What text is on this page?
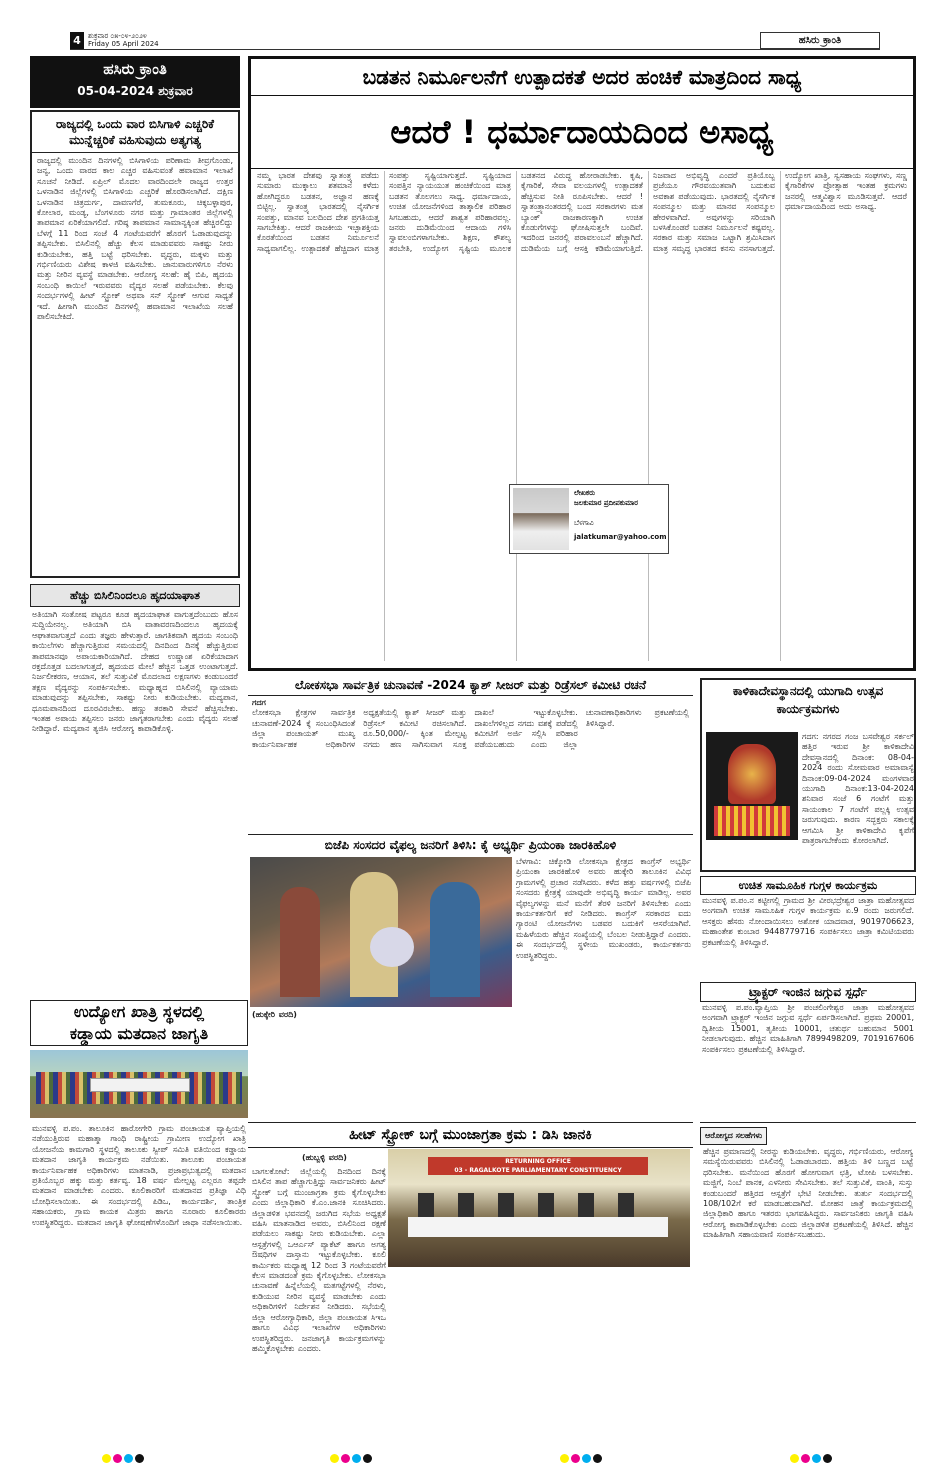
4	ಶುಕ್ರವಾರ ೦೫-೦೪-೨೦೨೪
Friday 05 April 2024	ಹಸಿರು ಕ್ರಾಂತಿ
ಹಸಿರು ಕ್ರಾಂತಿ
05-04-2024 ಶುಕ್ರವಾರ
ರಾಜ್ಯದಲ್ಲಿ ಒಂದು ವಾರ ಬಿಸಿಗಾಳಿ ಎಚ್ಚರಿಕೆ ಮುನ್ನೆಚ್ಚರಿಕೆ ವಹಿಸುವುದು ಅತ್ಯಗತ್ಯ
ರಾಜ್ಯದಲ್ಲಿ ಮುಂದಿನ ದಿನಗಳಲ್ಲಿ ಬಿಸಿಗಾಳಿಯ ಪರಿಣಾಮ ತೀವ್ರಗೊಂಡು, ಜನ್ಯ, ಒಂದು ವಾರದ ಕಾಲ ಎಚ್ಚರ ವಹಿಸುವಂತೆ ಹವಾಮಾನ ಇಲಾಖೆ ಸೂಚನೆ ನೀಡಿದೆ. ಏಪ್ರಿಲ್ ಮೊದಲ ವಾರದಿಂದಲೇ ರಾಜ್ಯದ ಉತ್ತರ ಒಳನಾಡಿನ ಜಿಲ್ಲೆಗಳಲ್ಲಿ ಬಿಸಿಗಾಳಿಯ ಎಚ್ಚರಿಕೆ ಹೊರಡಿಸಲಾಗಿದೆ. ದಕ್ಷಿಣ ಒಳನಾಡಿನ ಚಿತ್ರದುರ್ಗ, ದಾವಣಗೆರೆ, ತುಮಕೂರು, ಚಿಕ್ಕಬಳ್ಳಾಪುರ, ಕೋಲಾರ, ಮಂಡ್ಯ, ಬೆಂಗಳೂರು ನಗರ ಮತ್ತು ಗ್ರಾಮಾಂತರ ಜಿಲ್ಲೆಗಳಲ್ಲಿ ತಾಪಮಾನ ಏರಿಕೆಯಾಗಲಿದೆ. ಗರಿಷ್ಠ ತಾಪಮಾನ ಸಾಮಾನ್ಯಕ್ಕಿಂತ ಹೆಚ್ಚಿರಲಿದ್ದು ಬೆಳಗ್ಗೆ 11 ರಿಂದ ಸಂಜೆ 4 ಗಂಟೆಯವರೆಗೆ ಹೊರಗೆ ಓಡಾಡುವುದನ್ನು ತಪ್ಪಿಸಬೇಕು. ಬಿಸಿಲಿನಲ್ಲಿ ಹೆಚ್ಚು ಕೆಲಸ ಮಾಡುವವರು ಸಾಕಷ್ಟು ನೀರು ಕುಡಿಯಬೇಕು, ಹತ್ತಿ ಬಟ್ಟೆ ಧರಿಸಬೇಕು. ವೃದ್ಧರು, ಮಕ್ಕಳು ಮತ್ತು ಗರ್ಭಿಣಿಯರು ವಿಶೇಷ ಕಾಳಜಿ ವಹಿಸಬೇಕು. ಜಾನುವಾರುಗಳಿಗೂ ನೆರಳು ಮತ್ತು ನೀರಿನ ವ್ಯವಸ್ಥೆ ಮಾಡಬೇಕು. ಆರೋಗ್ಯ ಸಲಹೆ: ಹೈ ಬಿಪಿ, ಹೃದಯ ಸಂಬಂಧಿ ಕಾಯಿಲೆ ಇರುವವರು ವೈದ್ಯರ ಸಲಹೆ ಪಡೆಯಬೇಕು. ಕೆಲವು ಸಂದರ್ಭಗಳಲ್ಲಿ ಹೀಟ್ ಸ್ಟ್ರೋಕ್ ಅಥವಾ ಸನ್ ಸ್ಟ್ರೋಕ್ ಆಗುವ ಸಾಧ್ಯತೆ ಇದೆ. ಹೀಗಾಗಿ ಮುಂದಿನ ದಿನಗಳಲ್ಲಿ ಹವಾಮಾನ ಇಲಾಖೆಯ ಸಲಹೆ ಪಾಲಿಸಬೇಕಿದೆ.
ಹೆಚ್ಚು ಬಿಸಿಲಿನಿಂದಲೂ ಹೃದಯಾಘಾತ
ಅತಿಯಾಗಿ ಸಂತೋಷ ಪಟ್ಟರೂ ಕೂಡ ಹೃದಯಾಘಾತ ವಾಗುತ್ತದೆಂಬುದು ಹೊಸ ಸುದ್ದಿಯೇನಲ್ಲ. ಅತಿಯಾಗಿ ಬಿಸಿ ವಾತಾವರಣದಿಂದಲೂ ಹೃದಯಕ್ಕೆ ಆಘಾತವಾಗುತ್ತದೆ ಎಂದು ತಜ್ಞರು ಹೇಳುತ್ತಾರೆ. ಜಾಗತಿಕವಾಗಿ ಹೃದಯ ಸಂಬಂಧಿ ಕಾಯಿಲೆಗಳು ಹೆಚ್ಚಾಗುತ್ತಿರುವ ಸಮಯದಲ್ಲಿ ದಿನದಿಂದ ದಿನಕ್ಕೆ ಹೆಚ್ಚುತ್ತಿರುವ ತಾಪಮಾನವೂ ಅಪಾಯಕಾರಿಯಾಗಿದೆ. ದೇಹದ ಉಷ್ಣಾಂಶ ಏರಿಕೆಯಾದಾಗ ರಕ್ತದೊತ್ತಡ ಬದಲಾಗುತ್ತದೆ, ಹೃದಯದ ಮೇಲೆ ಹೆಚ್ಚಿನ ಒತ್ತಡ ಉಂಟಾಗುತ್ತದೆ. ನಿರ್ಜಲೀಕರಣ, ಆಯಾಸ, ತಲೆ ಸುತ್ತುವಿಕೆ ಮೊದಲಾದ ಲಕ್ಷಣಗಳು ಕಂಡುಬಂದರೆ ತಕ್ಷಣ ವೈದ್ಯರನ್ನು ಸಂಪರ್ಕಿಸಬೇಕು. ಮಧ್ಯಾಹ್ನದ ಬಿಸಿಲಿನಲ್ಲಿ ವ್ಯಾಯಾಮ ಮಾಡುವುದನ್ನು ತಪ್ಪಿಸಬೇಕು, ಸಾಕಷ್ಟು ನೀರು ಕುಡಿಯಬೇಕು. ಮದ್ಯಪಾನ, ಧೂಮಪಾನದಿಂದ ದೂರವಿರಬೇಕು. ಹಣ್ಣು ತರಕಾರಿ ಸೇವನೆ ಹೆಚ್ಚಿಸಬೇಕು. ಇಂತಹ ಅಪಾಯ ತಪ್ಪಿಸಲು ಜನರು ಜಾಗೃತರಾಗಬೇಕು ಎಂದು ವೈದ್ಯರು ಸಲಹೆ ನೀಡಿದ್ದಾರೆ. ಮದ್ಯಪಾನ ತ್ಯಜಿಸಿ ಆರೋಗ್ಯ ಕಾಪಾಡಿಕೊಳ್ಳಿ.
ಉದ್ಯೋಗ ಖಾತ್ರಿ ಸ್ಥಳದಲ್ಲಿ
ಕಡ್ಡಾಯ ಮತದಾನ ಜಾಗೃತಿ
ಮುನವಳ್ಳಿ ಪ.ಪಂ. ತಾಲೂಕಿನ ಹಾರೋಗೇರಿ ಗ್ರಾಮ ಪಂಚಾಯತ ವ್ಯಾಪ್ತಿಯಲ್ಲಿ ನಡೆಯುತ್ತಿರುವ ಮಹಾತ್ಮಾ ಗಾಂಧಿ ರಾಷ್ಟ್ರೀಯ ಗ್ರಾಮೀಣ ಉದ್ಯೋಗ ಖಾತ್ರಿ ಯೋಜನೆಯ ಕಾಮಗಾರಿ ಸ್ಥಳದಲ್ಲಿ ತಾಲೂಕು ಸ್ವೀಪ್ ಸಮಿತಿ ವತಿಯಿಂದ ಕಡ್ಡಾಯ ಮತದಾನ ಜಾಗೃತಿ ಕಾರ್ಯಕ್ರಮ ನಡೆಯಿತು. ತಾಲೂಕು ಪಂಚಾಯತ ಕಾರ್ಯನಿರ್ವಾಹಕ ಅಧಿಕಾರಿಗಳು ಮಾತನಾಡಿ, ಪ್ರಜಾಪ್ರಭುತ್ವದಲ್ಲಿ ಮತದಾನ ಪ್ರತಿಯೊಬ್ಬರ ಹಕ್ಕು ಮತ್ತು ಕರ್ತವ್ಯ. 18 ವರ್ಷ ಮೇಲ್ಪಟ್ಟ ಎಲ್ಲರೂ ತಪ್ಪದೇ ಮತದಾನ ಮಾಡಬೇಕು ಎಂದರು. ಕೂಲಿಕಾರರಿಗೆ ಮತದಾನದ ಪ್ರತಿಜ್ಞಾ ವಿಧಿ ಬೋಧಿಸಲಾಯಿತು. ಈ ಸಂದರ್ಭದಲ್ಲಿ ಪಿಡಿಒ, ಕಾರ್ಯದರ್ಶಿ, ತಾಂತ್ರಿಕ ಸಹಾಯಕರು, ಗ್ರಾಮ ಕಾಯಕ ಮಿತ್ರರು ಹಾಗೂ ನೂರಾರು ಕೂಲಿಕಾರರು ಉಪಸ್ಥಿತರಿದ್ದರು. ಮತದಾನ ಜಾಗೃತಿ ಘೋಷಣೆಗಳೊಂದಿಗೆ ಜಾಥಾ ನಡೆಸಲಾಯಿತು.
ಬಡತನ ನಿರ್ಮೂಲನೆಗೆ ಉತ್ಪಾದಕತೆ ಅದರ ಹಂಚಿಕೆ ಮಾತ್ರದಿಂದ ಸಾಧ್ಯ
ಆದರೆ ! ಧರ್ಮಾದಾಯದಿಂದ ಅಸಾಧ್ಯ
ನಮ್ಮ ಭಾರತ ದೇಶವು ಸ್ವಾತಂತ್ರ್ಯ ಪಡೆದು ಸುಮಾರು ಮುಕ್ಕಾಲು ಶತಮಾನ ಕಳೆದು ಹೋಗಿದ್ದರೂ ಬಡತನ, ಅಜ್ಞಾನ ಹಣಕ್ಕೆ ಬಿಟ್ಟಿಲ್ಲ. ಸ್ವಾತಂತ್ರ್ಯ ಭಾರತದಲ್ಲಿ ನೈಸರ್ಗಿಕ ಸಂಪತ್ತು, ಮಾನವ ಬಲದಿಂದ ದೇಶ ಪ್ರಗತಿಯತ್ತ ಸಾಗಬೇಕಿತ್ತು. ಆದರೆ ರಾಜಕೀಯ ಇಚ್ಛಾಶಕ್ತಿಯ ಕೊರತೆಯಿಂದ ಬಡತನ ನಿರ್ಮೂಲನೆ ಸಾಧ್ಯವಾಗಲಿಲ್ಲ. ಉತ್ಪಾದಕತೆ ಹೆಚ್ಚಿದಾಗ ಮಾತ್ರ ಸಂಪತ್ತು ಸೃಷ್ಟಿಯಾಗುತ್ತದೆ. ಸೃಷ್ಟಿಯಾದ ಸಂಪತ್ತಿನ ನ್ಯಾಯಯುತ ಹಂಚಿಕೆಯಿಂದ ಮಾತ್ರ ಬಡತನ ತೊಲಗಲು ಸಾಧ್ಯ. ಧರ್ಮಾದಾಯ, ಉಚಿತ ಯೋಜನೆಗಳಿಂದ ತಾತ್ಕಾಲಿಕ ಪರಿಹಾರ ಸಿಗಬಹುದು, ಆದರೆ ಶಾಶ್ವತ ಪರಿಹಾರವಲ್ಲ. ಜನರು ದುಡಿಮೆಯಿಂದ ಆದಾಯ ಗಳಿಸಿ ಸ್ವಾವಲಂಬಿಗಳಾಗಬೇಕು. ಶಿಕ್ಷಣ, ಕೌಶಲ್ಯ ತರಬೇತಿ, ಉದ್ಯೋಗ ಸೃಷ್ಟಿಯ ಮೂಲಕ ಬಡತನದ ವಿರುದ್ಧ ಹೋರಾಡಬೇಕು. ಕೃಷಿ, ಕೈಗಾರಿಕೆ, ಸೇವಾ ವಲಯಗಳಲ್ಲಿ ಉತ್ಪಾದಕತೆ ಹೆಚ್ಚಿಸುವ ನೀತಿ ರೂಪಿಸಬೇಕು. ಆದರೆ ! ಸ್ವಾತಂತ್ರ್ಯಾನಂತರದಲ್ಲಿ ಬಂದ ಸರಕಾರಗಳು ಮತ ಬ್ಯಾಂಕ್ ರಾಜಕಾರಣಕ್ಕಾಗಿ ಉಚಿತ ಕೊಡುಗೆಗಳನ್ನು ಘೋಷಿಸುತ್ತಲೇ ಬಂದಿವೆ. ಇದರಿಂದ ಜನರಲ್ಲಿ ಪರಾವಲಂಬನೆ ಹೆಚ್ಚಾಗಿದೆ. ದುಡಿಮೆಯ ಬಗ್ಗೆ ಆಸಕ್ತಿ ಕಡಿಮೆಯಾಗುತ್ತಿದೆ. ನಿಜವಾದ ಅಭಿವೃದ್ಧಿ ಎಂದರೆ ಪ್ರತಿಯೊಬ್ಬ ಪ್ರಜೆಯೂ ಗೌರವಯುತವಾಗಿ ಬದುಕುವ ಅವಕಾಶ ಪಡೆಯುವುದು. ಭಾರತದಲ್ಲಿ ನೈಸರ್ಗಿಕ ಸಂಪನ್ಮೂಲ ಮತ್ತು ಮಾನವ ಸಂಪನ್ಮೂಲ ಹೇರಳವಾಗಿದೆ. ಅವುಗಳನ್ನು ಸರಿಯಾಗಿ ಬಳಸಿಕೊಂಡರೆ ಬಡತನ ನಿರ್ಮೂಲನೆ ಕಷ್ಟವಲ್ಲ. ಸರಕಾರ ಮತ್ತು ಸಮಾಜ ಒಟ್ಟಾಗಿ ಶ್ರಮಿಸಿದಾಗ ಮಾತ್ರ ಸಮೃದ್ಧ ಭಾರತದ ಕನಸು ನನಸಾಗುತ್ತದೆ. ಉದ್ಯೋಗ ಖಾತ್ರಿ, ಸ್ವಸಹಾಯ ಸಂಘಗಳು, ಸಣ್ಣ ಕೈಗಾರಿಕೆಗಳ ಪ್ರೋತ್ಸಾಹ ಇಂತಹ ಕ್ರಮಗಳು ಜನರಲ್ಲಿ ಆತ್ಮವಿಶ್ವಾಸ ಮೂಡಿಸುತ್ತವೆ. ಆದರೆ ಧರ್ಮಾದಾಯದಿಂದ ಅದು ಅಸಾಧ್ಯ.
ಲೇಖಕರು
ಜಲಕುಮಾರ ಪ್ರದೀಪಕುಮಾರ
ಬೆಳಗಾವಿ
jalatkumar@yahoo.com
ಲೋಕಸಭಾ ಸಾರ್ವತ್ರಿಕ ಚುನಾವಣೆ -2024 ಕ್ಯಾಶ್ ಸೀಜರ್ ಮತ್ತು ರಿಡ್ರೆಸಲ್ ಕಮೀಟಿ ರಚನೆ
ಗದಗ
ಲೋಕಸಭಾ ಕ್ಷೇತ್ರಗಳ ಸಾರ್ವತ್ರಿಕ ಚುನಾವಣೆ-2024 ಕ್ಕೆ ಸಂಬಂಧಿಸಿದಂತೆ ಜಿಲ್ಲಾ ಪಂಚಾಯತ್ ಮುಖ್ಯ ಕಾರ್ಯನಿರ್ವಾಹಕ ಅಧಿಕಾರಿಗಳ ಅಧ್ಯಕ್ಷತೆಯಲ್ಲಿ ಕ್ಯಾಶ್ ಸೀಜರ್ ಮತ್ತು ರಿಡ್ರೆಸಲ್ ಕಮೀಟಿ ರಚಿಸಲಾಗಿದೆ. ರೂ.50,000/- ಕ್ಕಿಂತ ಮೇಲ್ಪಟ್ಟ ನಗದು ಹಣ ಸಾಗಿಸುವಾಗ ಸೂಕ್ತ ದಾಖಲೆ ಇಟ್ಟುಕೊಳ್ಳಬೇಕು. ದಾಖಲೆಗಳಿಲ್ಲದ ನಗದು ವಶಕ್ಕೆ ಪಡೆದಲ್ಲಿ ಕಮೀಟಿಗೆ ಅರ್ಜಿ ಸಲ್ಲಿಸಿ ಪರಿಹಾರ ಪಡೆಯಬಹುದು ಎಂದು ಜಿಲ್ಲಾ ಚುನಾವಣಾಧಿಕಾರಿಗಳು ಪ್ರಕಟಣೆಯಲ್ಲಿ ತಿಳಿಸಿದ್ದಾರೆ.
ಬಿಜೆಪಿ ಸಂಸದರ ವೈಫಲ್ಯ ಜನರಿಗೆ ತಿಳಿಸಿ: ಕೈ ಅಭ್ಯರ್ಥಿ ಪ್ರಿಯಂಕಾ ಜಾರಕಿಹೊಳಿ
(ಹುಕ್ಕೇರಿ ವರದಿ)
ಬೆಳಗಾವಿ: ಚಿಕ್ಕೋಡಿ ಲೋಕಸಭಾ ಕ್ಷೇತ್ರದ ಕಾಂಗ್ರೆಸ್ ಅಭ್ಯರ್ಥಿ ಪ್ರಿಯಂಕಾ ಜಾರಕಿಹೊಳಿ ಅವರು ಹುಕ್ಕೇರಿ ತಾಲೂಕಿನ ವಿವಿಧ ಗ್ರಾಮಗಳಲ್ಲಿ ಪ್ರಚಾರ ನಡೆಸಿದರು. ಕಳೆದ ಹತ್ತು ವರ್ಷಗಳಲ್ಲಿ ಬಿಜೆಪಿ ಸಂಸದರು ಕ್ಷೇತ್ರಕ್ಕೆ ಯಾವುದೇ ಅಭಿವೃದ್ಧಿ ಕಾರ್ಯ ಮಾಡಿಲ್ಲ. ಅವರ ವೈಫಲ್ಯಗಳನ್ನು ಮನೆ ಮನೆಗೆ ತೆರಳಿ ಜನರಿಗೆ ತಿಳಿಸಬೇಕು ಎಂದು ಕಾರ್ಯಕರ್ತರಿಗೆ ಕರೆ ನೀಡಿದರು. ಕಾಂಗ್ರೆಸ್ ಸರಕಾರದ ಐದು ಗ್ಯಾರಂಟಿ ಯೋಜನೆಗಳು ಬಡವರ ಬದುಕಿಗೆ ಆಸರೆಯಾಗಿವೆ. ಮಹಿಳೆಯರು ಹೆಚ್ಚಿನ ಸಂಖ್ಯೆಯಲ್ಲಿ ಬೆಂಬಲ ನೀಡುತ್ತಿದ್ದಾರೆ ಎಂದರು. ಈ ಸಂದರ್ಭದಲ್ಲಿ ಸ್ಥಳೀಯ ಮುಖಂಡರು, ಕಾರ್ಯಕರ್ತರು ಉಪಸ್ಥಿತರಿದ್ದರು.
ಕಾಳಿಕಾದೇವಸ್ಥಾನದಲ್ಲಿ ಯುಗಾದಿ ಉತ್ಸವ ಕಾರ್ಯಕ್ರಮಗಳು
ಗದಗ: ನಗರದ ಗಂಜ ಬಸವೇಶ್ವರ ಸರ್ಕಲ್ ಹತ್ತಿರ ಇರುವ ಶ್ರೀ ಕಾಳಿಕಾದೇವಿ ದೇವಸ್ಥಾನದಲ್ಲಿ ದಿನಾಂಕ: 08-04-2024 ರಂದು ಸೋಮವಾರ ಅಮಾವಾಸ್ಯೆ ದಿನಾಂಕ:09-04-2024 ಮಂಗಳವಾರ ಯುಗಾದಿ ದಿನಾಂಕ:13-04-2024 ಶನಿವಾರ ಸಂಜೆ 6 ಗಂಟೆಗೆ ಮತ್ತು ಸಾಯಂಕಾಲ 7 ಗಂಟೆಗೆ ಪಲ್ಲಕ್ಕಿ ಉತ್ಸವ ಜರುಗುವುದು. ಕಾರಣ ಸದ್ಭಕ್ತರು ಸಕಾಲಕ್ಕೆ ಆಗಮಿಸಿ ಶ್ರೀ ಕಾಳಿಕಾದೇವಿ ಕೃಪೆಗೆ ಪಾತ್ರರಾಗಬೇಕೆಂದು ಕೋರಲಾಗಿದೆ.
ಉಚಿತ ಸಾಮೂಹಿಕ ಗುಗ್ಗಳ ಕಾರ್ಯಕ್ರಮ
ಮುನವಳ್ಳಿ ಪ.ಪಂ.ನ ಕಟ್ಟೀಗಲ್ಲಿ ಗ್ರಾಮದ ಶ್ರೀ ವೀರಭದ್ರೇಶ್ವರ ಜಾತ್ರಾ ಮಹೋತ್ಸವದ ಅಂಗವಾಗಿ ಉಚಿತ ಸಾಮೂಹಿಕ ಗುಗ್ಗಳ ಕಾರ್ಯಕ್ರಮ ಏ.9 ರಂದು ಜರುಗಲಿದೆ. ಆಸಕ್ತರು ಹೆಸರು ನೋಂದಾಯಿಸಲು ಅಶೋಕ ಯಾದವಾಡ, 9019706623, ಮಹಾಂತೇಶ ಕುಂಬಾರ 9448779716 ಸಂಪರ್ಕಿಸಲು ಜಾತ್ರಾ ಕಮಿಟಿಯವರು ಪ್ರಕಟಣೆಯಲ್ಲಿ ತಿಳಿಸಿದ್ದಾರೆ.
ಟ್ರ್ಯಾಕ್ಟರ್ ಇಂಜಿನ ಜಗ್ಗುವ ಸ್ಪರ್ಧೆ
ಮುನವಳ್ಳಿ ಪ.ಪಂ.ವ್ಯಾಪ್ತಿಯ ಶ್ರೀ ಪಂಚಲಿಂಗೇಶ್ವರ ಜಾತ್ರಾ ಮಹೋತ್ಸವದ ಅಂಗವಾಗಿ ಟ್ರ್ಯಾಕ್ಟರ್ ಇಂಜಿನ ಜಗ್ಗುವ ಸ್ಪರ್ಧೆ ಏರ್ಪಡಿಸಲಾಗಿದೆ. ಪ್ರಥಮ 20001, ದ್ವಿತೀಯ 15001, ತೃತೀಯ 10001, ಚತುರ್ಥ ಬಹುಮಾನ 5001 ನೀಡಲಾಗುವುದು. ಹೆಚ್ಚಿನ ಮಾಹಿತಿಗಾಗಿ 7899498209, 7019167606 ಸಂಪರ್ಕಿಸಲು ಪ್ರಕಟಣೆಯಲ್ಲಿ ತಿಳಿಸಿದ್ದಾರೆ.
ಹೀಟ್ ಸ್ಟ್ರೋಕ್ ಬಗ್ಗೆ ಮುಂಜಾಗ್ರತಾ ಕ್ರಮ : ಡಿಸಿ ಜಾನಕಿ
(ಹುಬ್ಬಳ್ಳಿ ವರದಿ)	RETURNING OFFICE
03 - RAGALKOTE PARLIAMENTARY CONSTITUENCY
ಬಾಗಲಕೋಟೆ: ಜಿಲ್ಲೆಯಲ್ಲಿ ದಿನದಿಂದ ದಿನಕ್ಕೆ ಬಿಸಿಲಿನ ತಾಪ ಹೆಚ್ಚಾಗುತ್ತಿದ್ದು ಸಾರ್ವಜನಿಕರು ಹೀಟ್ ಸ್ಟ್ರೋಕ್ ಬಗ್ಗೆ ಮುಂಜಾಗ್ರತಾ ಕ್ರಮ ಕೈಗೊಳ್ಳಬೇಕು ಎಂದು ಜಿಲ್ಲಾಧಿಕಾರಿ ಕೆ.ಎಂ.ಜಾನಕಿ ಸೂಚಿಸಿದರು. ಜಿಲ್ಲಾಡಳಿತ ಭವನದಲ್ಲಿ ಜರುಗಿದ ಸಭೆಯ ಅಧ್ಯಕ್ಷತೆ ವಹಿಸಿ ಮಾತನಾಡಿದ ಅವರು, ಬಿಸಿಲಿನಿಂದ ರಕ್ಷಣೆ ಪಡೆಯಲು ಸಾಕಷ್ಟು ನೀರು ಕುಡಿಯಬೇಕು. ಎಲ್ಲಾ ಆಸ್ಪತ್ರೆಗಳಲ್ಲಿ ಒಆರ್ಎಸ್ ಪ್ಯಾಕೆಟ್ ಹಾಗೂ ಅಗತ್ಯ ಔಷಧಿಗಳ ದಾಸ್ತಾನು ಇಟ್ಟುಕೊಳ್ಳಬೇಕು. ಕೂಲಿ ಕಾರ್ಮಿಕರು ಮಧ್ಯಾಹ್ನ 12 ರಿಂದ 3 ಗಂಟೆಯವರೆಗೆ ಕೆಲಸ ಮಾಡದಂತೆ ಕ್ರಮ ಕೈಗೊಳ್ಳಬೇಕು. ಲೋಕಸಭಾ ಚುನಾವಣೆ ಹಿನ್ನೆಲೆಯಲ್ಲಿ ಮತಗಟ್ಟೆಗಳಲ್ಲಿ ನೆರಳು, ಕುಡಿಯುವ ನೀರಿನ ವ್ಯವಸ್ಥೆ ಮಾಡಬೇಕು ಎಂದು ಅಧಿಕಾರಿಗಳಿಗೆ ನಿರ್ದೇಶನ ನೀಡಿದರು. ಸಭೆಯಲ್ಲಿ ಜಿಲ್ಲಾ ಆರೋಗ್ಯಾಧಿಕಾರಿ, ಜಿಲ್ಲಾ ಪಂಚಾಯತ ಸಿಇಒ ಹಾಗೂ ವಿವಿಧ ಇಲಾಖೆಗಳ ಅಧಿಕಾರಿಗಳು ಉಪಸ್ಥಿತರಿದ್ದರು. ಜನಜಾಗೃತಿ ಕಾರ್ಯಕ್ರಮಗಳನ್ನು ಹಮ್ಮಿಕೊಳ್ಳಬೇಕು ಎಂದರು.
ಆರೋಗ್ಯದ ಸಲಹೆಗಳು
ಹೆಚ್ಚಿನ ಪ್ರಮಾಣದಲ್ಲಿ ನೀರನ್ನು ಕುಡಿಯಬೇಕು. ವೃದ್ಧರು, ಗರ್ಭಿಣಿಯರು, ಆರೋಗ್ಯ ಸಮಸ್ಯೆಯಿರುವವರು ಬಿಸಿಲಿನಲ್ಲಿ ಓಡಾಡಬಾರದು. ಹತ್ತಿಯ ತಿಳಿ ಬಣ್ಣದ ಬಟ್ಟೆ ಧರಿಸಬೇಕು. ಮನೆಯಿಂದ ಹೊರಗೆ ಹೋಗುವಾಗ ಛತ್ರಿ, ಟೋಪಿ ಬಳಸಬೇಕು. ಮಜ್ಜಿಗೆ, ನಿಂಬೆ ಪಾನಕ, ಎಳನೀರು ಸೇವಿಸಬೇಕು. ತಲೆ ಸುತ್ತುವಿಕೆ, ವಾಂತಿ, ಸುಸ್ತು ಕಂಡುಬಂದರೆ ಹತ್ತಿರದ ಆಸ್ಪತ್ರೆಗೆ ಭೇಟಿ ನೀಡಬೇಕು. ತುರ್ತು ಸಂದರ್ಭದಲ್ಲಿ 108/102ಗೆ ಕರೆ ಮಾಡಬಹುದಾಗಿದೆ. ಮೋಹನ ಜಾತ್ರೆ ಕಾರ್ಯಕ್ರಮದಲ್ಲಿ ಜಿಲ್ಲಾಧಿಕಾರಿ ಹಾಗೂ ಇತರರು ಭಾಗವಹಿಸಿದ್ದರು. ಸಾರ್ವಜನಿಕರು ಜಾಗೃತಿ ವಹಿಸಿ ಆರೋಗ್ಯ ಕಾಪಾಡಿಕೊಳ್ಳಬೇಕು ಎಂದು ಜಿಲ್ಲಾಡಳಿತ ಪ್ರಕಟಣೆಯಲ್ಲಿ ತಿಳಿಸಿದೆ. ಹೆಚ್ಚಿನ ಮಾಹಿತಿಗಾಗಿ ಸಹಾಯವಾಣಿ ಸಂಪರ್ಕಿಸಬಹುದು.
